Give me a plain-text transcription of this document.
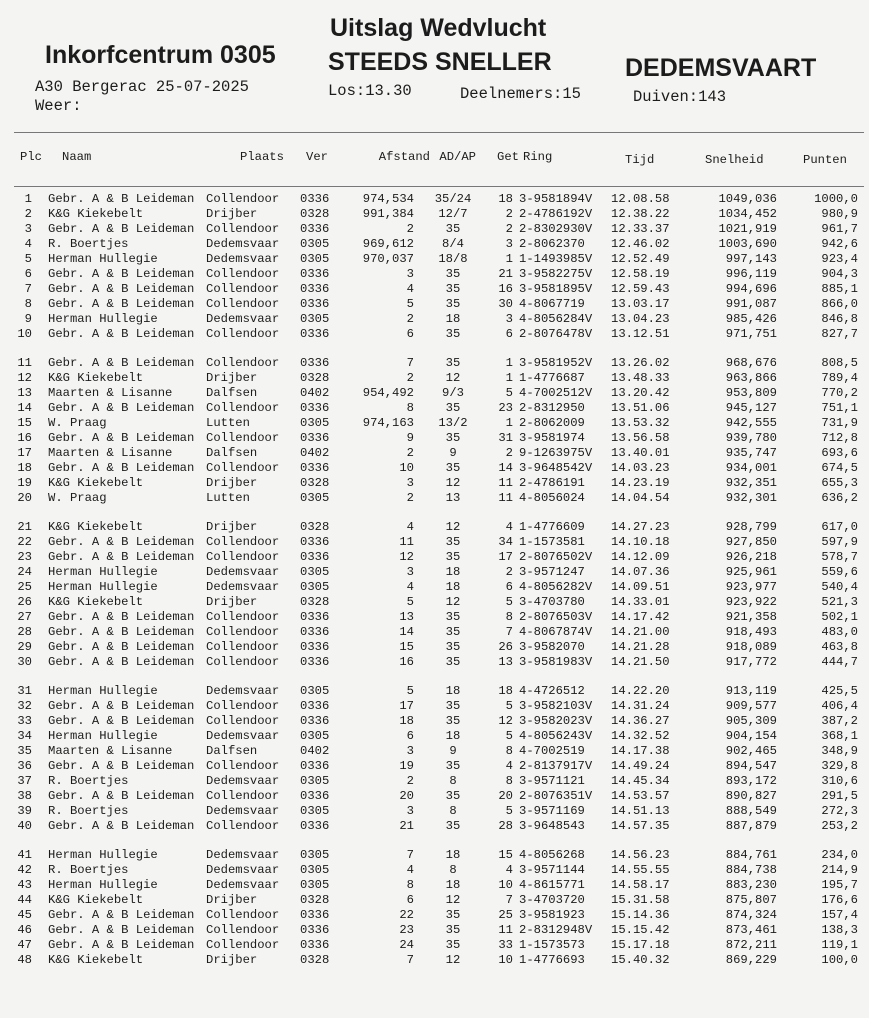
Uitslag Wedvlucht
Inkorfcentrum 0305 STEEDS SNELLER	DEDEMSVAART
A30 Bergerac 25-07-2025	Los:13.30	Deelnemers:15	Duiven:143
Weer:
Plc	Naam	Plaats	Ver	Afstand	AD/AP	Get	Ring	Tijd	Snelheid	Punten
1	Gebr. A & B Leideman	Collendoor	0336	974,534	35/24	18	3-9581894V	12.08.58	1049,036	1000,0
2	K&G Kiekebelt	Drijber	0328	991,384	12/7	2	2-4786192V	12.38.22	1034,452	980,9
3	Gebr. A & B Leideman	Collendoor	0336	2	35	2	2-8302930V	12.33.37	1021,919	961,7
4	R. Boertjes	Dedemsvaar	0305	969,612	8/4	3	2-8062370	12.46.02	1003,690	942,6
5	Herman Hullegie	Dedemsvaar	0305	970,037	18/8	1	1-1493985V	12.52.49	997,143	923,4
6	Gebr. A & B Leideman	Collendoor	0336	3	35	21	3-9582275V	12.58.19	996,119	904,3
7	Gebr. A & B Leideman	Collendoor	0336	4	35	16	3-9581895V	12.59.43	994,696	885,1
8	Gebr. A & B Leideman	Collendoor	0336	5	35	30	4-8067719	13.03.17	991,087	866,0
9	Herman Hullegie	Dedemsvaar	0305	2	18	3	4-8056284V	13.04.23	985,426	846,8
10	Gebr. A & B Leideman	Collendoor	0336	6	35	6	2-8076478V	13.12.51	971,751	827,7
11	Gebr. A & B Leideman	Collendoor	0336	7	35	1	3-9581952V	13.26.02	968,676	808,5
12	K&G Kiekebelt	Drijber	0328	2	12	1	1-4776687	13.48.33	963,866	789,4
13	Maarten & Lisanne	Dalfsen	0402	954,492	9/3	5	4-7002512V	13.20.42	953,809	770,2
14	Gebr. A & B Leideman	Collendoor	0336	8	35	23	2-8312950	13.51.06	945,127	751,1
15	W. Praag	Lutten	0305	974,163	13/2	1	2-8062009	13.53.32	942,555	731,9
16	Gebr. A & B Leideman	Collendoor	0336	9	35	31	3-9581974	13.56.58	939,780	712,8
17	Maarten & Lisanne	Dalfsen	0402	2	9	2	9-1263975V	13.40.01	935,747	693,6
18	Gebr. A & B Leideman	Collendoor	0336	10	35	14	3-9648542V	14.03.23	934,001	674,5
19	K&G Kiekebelt	Drijber	0328	3	12	11	2-4786191	14.23.19	932,351	655,3
20	W. Praag	Lutten	0305	2	13	11	4-8056024	14.04.54	932,301	636,2
21	K&G Kiekebelt	Drijber	0328	4	12	4	1-4776609	14.27.23	928,799	617,0
22	Gebr. A & B Leideman	Collendoor	0336	11	35	34	1-1573581	14.10.18	927,850	597,9
23	Gebr. A & B Leideman	Collendoor	0336	12	35	17	2-8076502V	14.12.09	926,218	578,7
24	Herman Hullegie	Dedemsvaar	0305	3	18	2	3-9571247	14.07.36	925,961	559,6
25	Herman Hullegie	Dedemsvaar	0305	4	18	6	4-8056282V	14.09.51	923,977	540,4
26	K&G Kiekebelt	Drijber	0328	5	12	5	3-4703780	14.33.01	923,922	521,3
27	Gebr. A & B Leideman	Collendoor	0336	13	35	8	2-8076503V	14.17.42	921,358	502,1
28	Gebr. A & B Leideman	Collendoor	0336	14	35	7	4-8067874V	14.21.00	918,493	483,0
29	Gebr. A & B Leideman	Collendoor	0336	15	35	26	3-9582070	14.21.28	918,089	463,8
30	Gebr. A & B Leideman	Collendoor	0336	16	35	13	3-9581983V	14.21.50	917,772	444,7
31	Herman Hullegie	Dedemsvaar	0305	5	18	18	4-4726512	14.22.20	913,119	425,5
32	Gebr. A & B Leideman	Collendoor	0336	17	35	5	3-9582103V	14.31.24	909,577	406,4
33	Gebr. A & B Leideman	Collendoor	0336	18	35	12	3-9582023V	14.36.27	905,309	387,2
34	Herman Hullegie	Dedemsvaar	0305	6	18	5	4-8056243V	14.32.52	904,154	368,1
35	Maarten & Lisanne	Dalfsen	0402	3	9	8	4-7002519	14.17.38	902,465	348,9
36	Gebr. A & B Leideman	Collendoor	0336	19	35	4	2-8137917V	14.49.24	894,547	329,8
37	R. Boertjes	Dedemsvaar	0305	2	8	8	3-9571121	14.45.34	893,172	310,6
38	Gebr. A & B Leideman	Collendoor	0336	20	35	20	2-8076351V	14.53.57	890,827	291,5
39	R. Boertjes	Dedemsvaar	0305	3	8	5	3-9571169	14.51.13	888,549	272,3
40	Gebr. A & B Leideman	Collendoor	0336	21	35	28	3-9648543	14.57.35	887,879	253,2
41	Herman Hullegie	Dedemsvaar	0305	7	18	15	4-8056268	14.56.23	884,761	234,0
42	R. Boertjes	Dedemsvaar	0305	4	8	4	3-9571144	14.55.55	884,738	214,9
43	Herman Hullegie	Dedemsvaar	0305	8	18	10	4-8615771	14.58.17	883,230	195,7
44	K&G Kiekebelt	Drijber	0328	6	12	7	3-4703720	15.31.58	875,807	176,6
45	Gebr. A & B Leideman	Collendoor	0336	22	35	25	3-9581923	15.14.36	874,324	157,4
46	Gebr. A & B Leideman	Collendoor	0336	23	35	11	2-8312948V	15.15.42	873,461	138,3
47	Gebr. A & B Leideman	Collendoor	0336	24	35	33	1-1573573	15.17.18	872,211	119,1
48	K&G Kiekebelt	Drijber	0328	7	12	10	1-4776693	15.40.32	869,229	100,0
